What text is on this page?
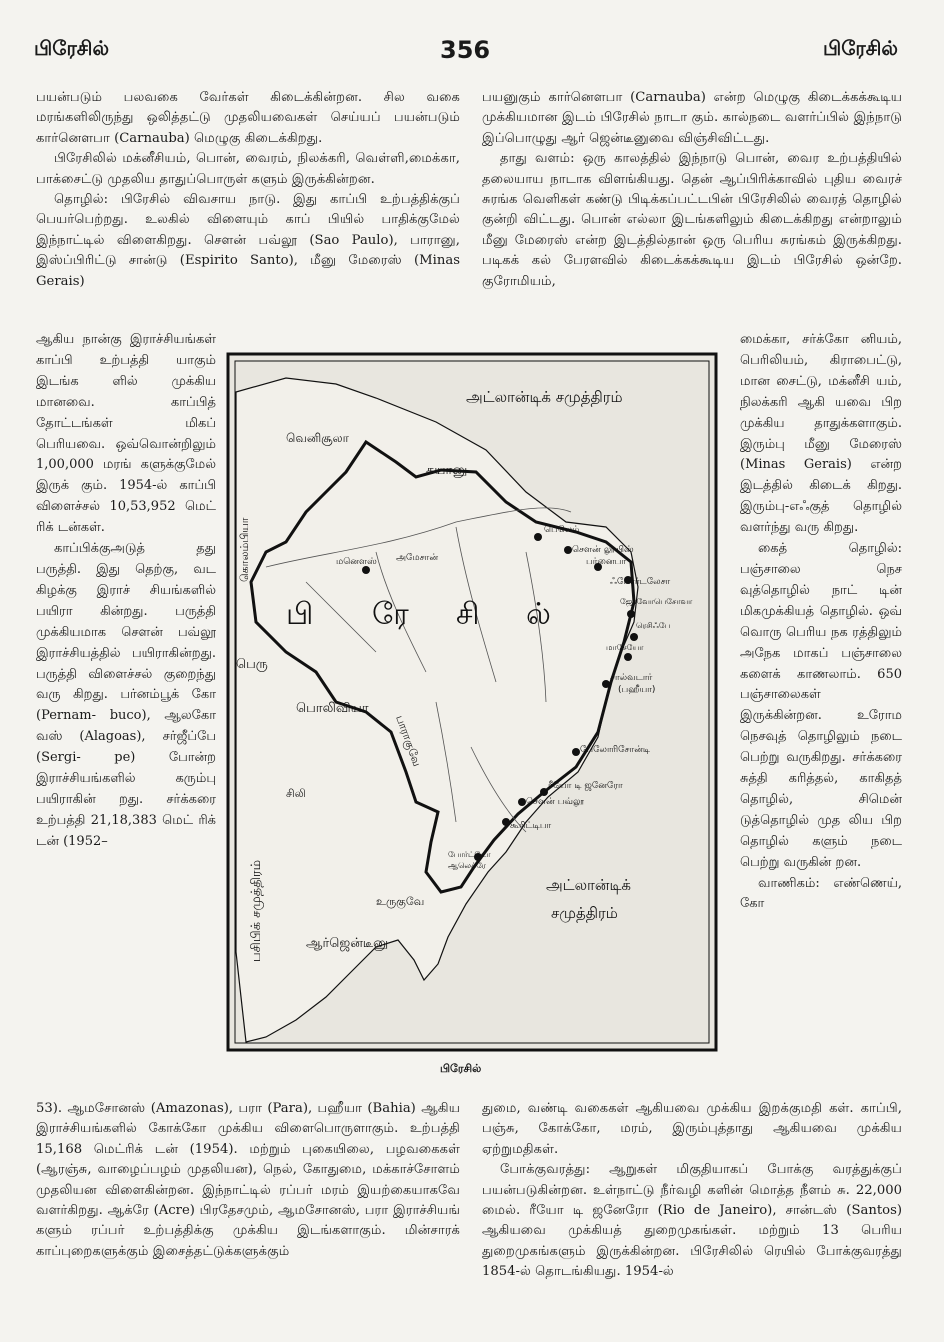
பிரேசில்	356	பிரேசில்

பயன்படும் பலவகை வேர்கள் கிடைக்கின்றன. சில வகை மரங்களிலிருந்து ஒலித்தட்டு முதலியவைகள் செய்யப் பயன்படும் கார்னௌபா (Carnauba) மெழுகு கிடைக்கிறது.

பிரேசிலில் மக்னீசியம், பொன், வைரம், நிலக்கரி, வெள்ளி,மைக்கா, பாக்சைட்டு முதலிய தாதுப்பொருள் களும் இருக்கின்றன.

தொழில்: பிரேசில் விவசாய நாடு. இது காப்பி உற்பத்திக்குப் பெயர்பெற்றது. உலகில் விளையும் காப் பியில் பாதிக்குமேல் இந்நாட்டில் விளைகிறது. சௌன் பவ்லூ (Sao Paulo), பாரானு, இஸ்ப்பிரிட்டு சான்டு (Espirito Santo), மீனு மேரைஸ் (Minas Gerais)

ஆகிய நான்கு இராச்சியங்கள் காப்பி உற்பத்தி யாகும் இடங்க ளில் முக்கிய மானவை. காப்பித் தோட்டங்கள் மிகப் பெரியவை. ஒவ்வொன்றிலும் 1,00,000 மரங் களுக்குமேல் இருக் கும். 1954-ல் காப்பி விளைச்சல் 10,53,952 மெட் ரிக் டன்கள்.

காப்பிக்குஅடுத் தது பருத்தி. இது தெற்கு, வட கிழக்கு இராச் சியங்களில் பயிரா கின்றது. பருத்தி முக்கியமாக சௌன் பவ்லூ இராச்சியத்தில் பயிராகின்றது. பருத்தி விளைச்சல் குறைந்து வரு கிறது. பர்னம்பூக் கோ (Pernam- buco), ஆலகோ வஸ் (Alagoas), சர்ஜீப்பே (Sergi- pe) போன்ற இராச்சியங்களில் கரும்பு பயிராகின் றது. சர்க்கரை உற்பத்தி 21,18,383 மெட் ரிக் டன் (1952–

பயனுகும் கார்னௌபா (Carnauba) என்ற மெழுகு கிடைக்கக்கூடிய முக்கியமான இடம் பிரேசில் நாடா கும். கால்நடை வளர்ப்பில் இந்நாடு இப்பொழுது ஆர் ஜென்டீனுவை விஞ்சிவிட்டது.

தாது வளம்: ஒரு காலத்தில் இந்நாடு பொன், வைர உற்பத்தியில் தலையாய நாடாக விளங்கியது. தென் ஆப்பிரிக்காவில் புதிய வைரச் சுரங்க வெளிகள் கண்டு பிடிக்கப்பட்டபின் பிரேசிலில் வைரத் தொழில் குன்றி விட்டது. பொன் எல்லா இடங்களிலும் கிடைக்கிறது என்றாலும் மீனு மேரைஸ் என்ற இடத்தில்தான் ஒரு பெரிய சுரங்கம் இருக்கிறது. படிகக் கல் பேரளவில் கிடைக்கக்கூடிய இடம் பிரேசில் ஒன்றே. குரோமியம்,

மைக்கா, சர்க்கோ னியம், பெரிலியம், கிராபைட்டு, மான சைட்டு, மக்னீசி யம், நிலக்கரி ஆகி யவை பிற முக்கிய தாதுக்களாகும். இரும்பு மீனு மேரைஸ் (Minas Gerais) என்ற இடத்தில் கிடைக் கிறது. இரும்பு-எஃகுத் தொழில் வளர்ந்து வரு கிறது.

கைத் தொழில்: பஞ்சாலை நெச வுத்தொழில் நாட் டின் மிகமுக்கியத் தொழில். ஒவ் வொரு பெரிய நக ரத்திலும் அநேக மாகப் பஞ்சாலை களைக் காணலாம். 650 பஞ்சாலைகள் இருக்கின்றன. உரோம நெசவுத் தொழிலும் நடை பெற்று வருகிறது. சர்க்கரை சுத்தி கரித்தல், காகிதத் தொழில், சிமென் டுத்தொழில் முத லிய பிற தொழில் களும் நடை பெற்று வருகின் றன.

வாணிகம்: எண்ணெய், கோ

அட்லான்டிக் சமுத்திரம்
பி ரே சி ல்
வெனிசூலா
கயானு
கொலம்பியா
பெரு
பொலிவியா
பாராகுவே
சிலி
ஆர்ஜென்டீனு
உருகுவே
பசிபிக் சமுத்திரம்	அட்லான்டிக்
சமுத்திரம்
பெலெம்
மனௌஸ் அமேசான்
சௌன் லூயிஸ்
பர்னைபா
ஃபோர்டலேசா
ஜோவோபெசோவா
ரெசிஃபே
மாசேயோ
சால்வடார்
(பஹீயா)
பேலோரிசோன்டி
ரீயோ டி ஜனேரோ
சௌன் பவ்லூ
கூரிட்டிபா
போர்ட்டோ
ஆலெக்ரே
பிரேசில்

53). ஆமசோனஸ் (Amazonas), பரா (Para), பஹீயா (Bahia) ஆகிய இராச்சியங்களில் கோக்கோ முக்கிய விளைபொருளாகும். உற்பத்தி 15,168 மெட்ரிக் டன் (1954). மற்றும் புகையிலை, பழவகைகள் (ஆரஞ்சு, வாழைப்பழம் முதலியன), நெல், கோதுமை, மக்காச்சோளம் முதலியன விளைகின்றன. இந்நாட்டில் ரப்பர் மரம் இயற்கையாகவே வளர்கிறது. ஆக்ரே (Acre) பிரதேசமும், ஆமசோனஸ், பரா இராச்சியங் களும் ரப்பர் உற்பத்திக்கு முக்கிய இடங்களாகும். மின்சாரக் காப்புறைகளுக்கும் இசைத்தட்டுக்களுக்கும்

துமை, வண்டி வகைகள் ஆகியவை முக்கிய இறக்குமதி கள். காப்பி, பஞ்சு, கோக்கோ, மரம், இரும்புத்தாது ஆகியவை முக்கிய ஏற்றுமதிகள்.

போக்குவரத்து: ஆறுகள் மிகுதியாகப் போக்கு வரத்துக்குப் பயன்படுகின்றன. உள்நாட்டு நீர்வழி களின் மொத்த நீளம் சு. 22,000 மைல். ரீயோ டி ஜனேரோ (Rio de Janeiro), சான்டஸ் (Santos) ஆகியவை முக்கியத் துறைமுகங்கள். மற்றும் 13 பெரிய துறைமுகங்களும் இருக்கின்றன. பிரேசிலில் ரெயில் போக்குவரத்து 1854-ல் தொடங்கியது. 1954-ல்
